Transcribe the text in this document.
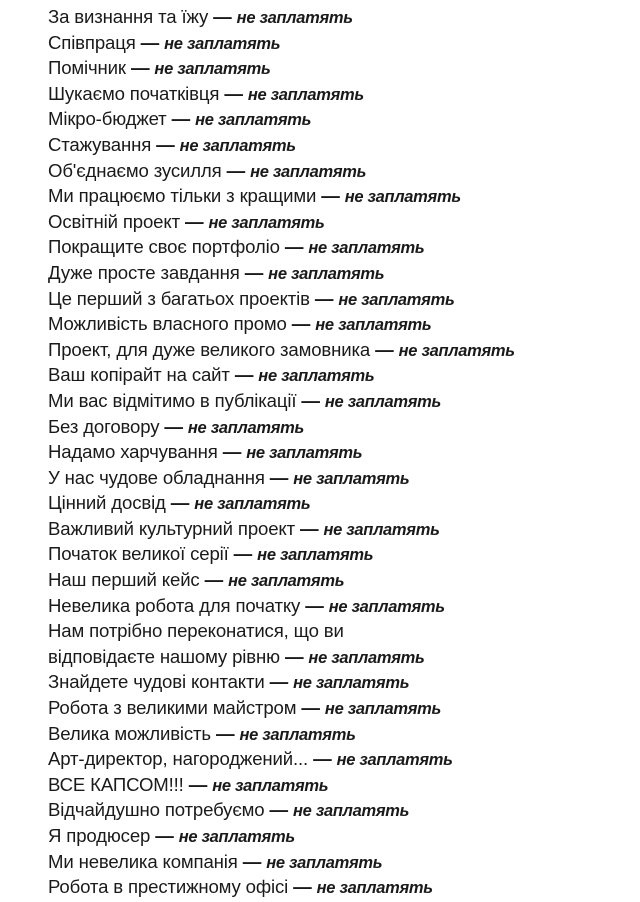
За визнання та їжу — не заплатять
Співпраця — не заплатять
Помічник — не заплатять
Шукаємо початківця — не заплатять
Мікро-бюджет — не заплатять
Стажування — не заплатять
Об'єднаємо зусилля — не заплатять
Ми працюємо тільки з кращими — не заплатять
Освітній проект — не заплатять
Покращите своє портфоліо — не заплатять
Дуже просте завдання — не заплатять
Це перший з багатьох проектів — не заплатять
Можливість власного промо — не заплатять
Проект, для дуже великого замовника — не заплатять
Ваш копірайт на сайт — не заплатять
Ми вас відмітимо в публікації — не заплатять
Без договору — не заплатять
Надамо харчування — не заплатять
У нас чудове обладнання — не заплатять
Цінний досвід — не заплатять
Важливий культурний проект — не заплатять
Початок великої серії — не заплатять
Наш перший кейс — не заплатять
Невелика робота для початку — не заплатять
Нам потрібно переконатися, що ви
відповідаєте нашому рівню — не заплатять
Знайдете чудові контакти — не заплатять
Робота з великими майстром — не заплатять
Велика можливість — не заплатять
Арт-директор, нагороджений... — не заплатять
ВСЕ КАПСОМ!!! — не заплатять
Відчайдушно потребуємо — не заплатять
Я продюсер — не заплатять
Ми невелика компанія — не заплатять
Робота в престижному офісі — не заплатять
